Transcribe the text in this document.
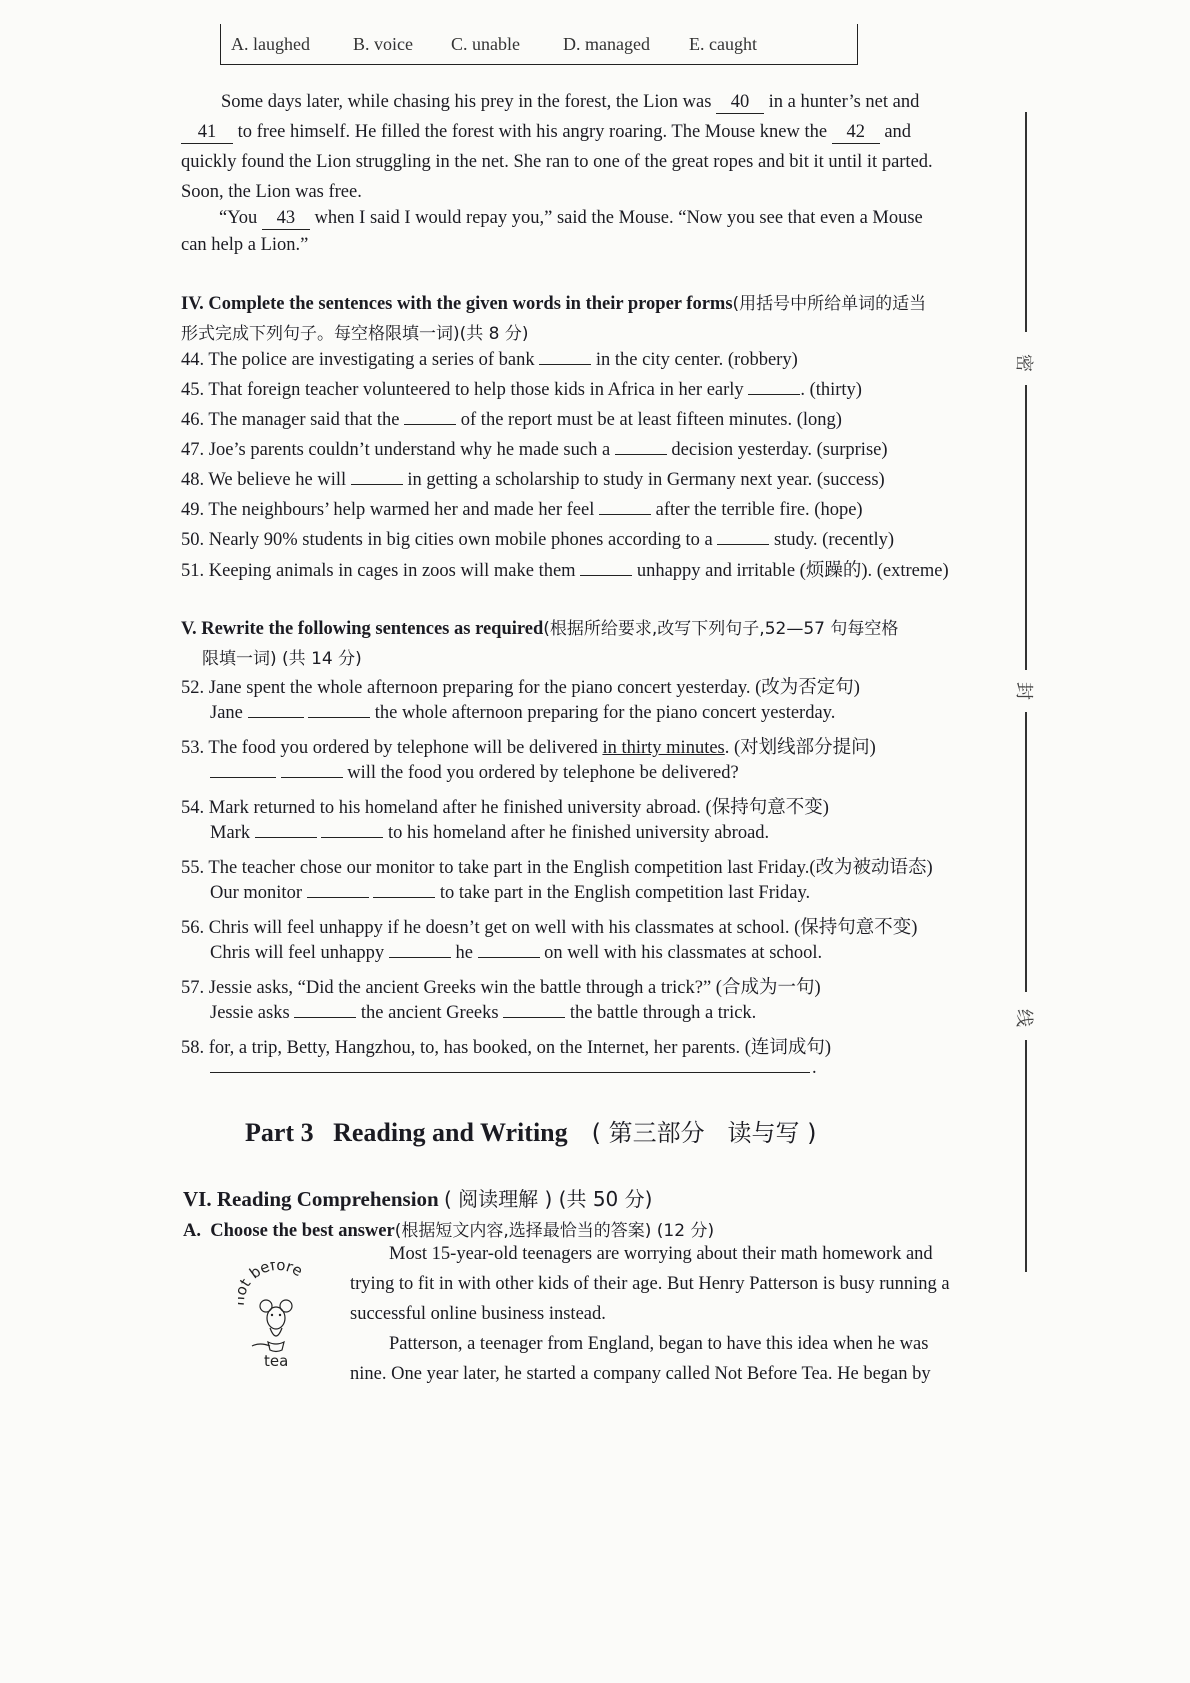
A. laughed B. voice C. unable D. managed E. caught
Some days later, while chasing his prey in the forest, the Lion was 40 in a hunter’s net and
41 to free himself. He filled the forest with his angry roaring. The Mouse knew the 42 and
quickly found the Lion struggling in the net. She ran to one of the great ropes and bit it until it parted.
Soon, the Lion was free.
“You 43 when I said I would repay you,” said the Mouse. “Now you see that even a Mouse
can help a Lion.”
IV. Complete the sentences with the given words in their proper forms(用括号中所给单词的适当
形式完成下列句子。每空格限填一词)(共 8 分)
44. The police are investigating a series of bank	in the city center. (robbery)
45. That foreign teacher volunteered to help those kids in Africa in her early	. (thirty)
46. The manager said that the	of the report must be at least fifteen minutes. (long)
47. Joe’s parents couldn’t understand why he made such a	decision yesterday. (surprise)
48. We believe he will	in getting a scholarship to study in Germany next year. (success)
49. The neighbours’ help warmed her and made her feel	after the terrible fire. (hope)
50. Nearly 90% students in big cities own mobile phones according to a	study. (recently)
51. Keeping animals in cages in zoos will make them	unhappy and irritable (烦躁的). (extreme)
V. Rewrite the following sentences as required(根据所给要求,改写下列句子,52—57 句每空格
限填一词) (共 14 分)
52. Jane spent the whole afternoon preparing for the piano concert yesterday. (改为否定句)
Jane	the whole afternoon preparing for the piano concert yesterday.
53. The food you ordered by telephone will be delivered in thirty minutes. (对划线部分提问)
will the food you ordered by telephone be delivered?
54. Mark returned to his homeland after he finished university abroad. (保持句意不变)
Mark	to his homeland after he finished university abroad.
55. The teacher chose our monitor to take part in the English competition last Friday.(改为被动语态)
Our monitor	to take part in the English competition last Friday.
56. Chris will feel unhappy if he doesn’t get on well with his classmates at school. (保持句意不变)
Chris will feel unhappy	he	on well with his classmates at school.
57. Jessie asks, “Did the ancient Greeks win the battle through a trick?” (合成为一句)
Jessie asks	the ancient Greeks	the battle through a trick.
58. for, a trip, Betty, Hangzhou, to, has booked, on the Internet, her parents. (连词成句)
.
Part 3   Reading and Writing ( 第三部分   读与写 )
VI. Reading Comprehension ( 阅读理解 ) (共 50 分)
A.  Choose the best answer(根据短文内容,选择最恰当的答案) (12 分)
before
tea
Most 15-year-old teenagers are worrying about their math homework and
trying to fit in with other kids of their age. But Henry Patterson is busy running a
successful online business instead.
Patterson, a teenager from England, began to have this idea when he was
nine. One year later, he started a company called Not Before Tea. He began by
密
封
线
